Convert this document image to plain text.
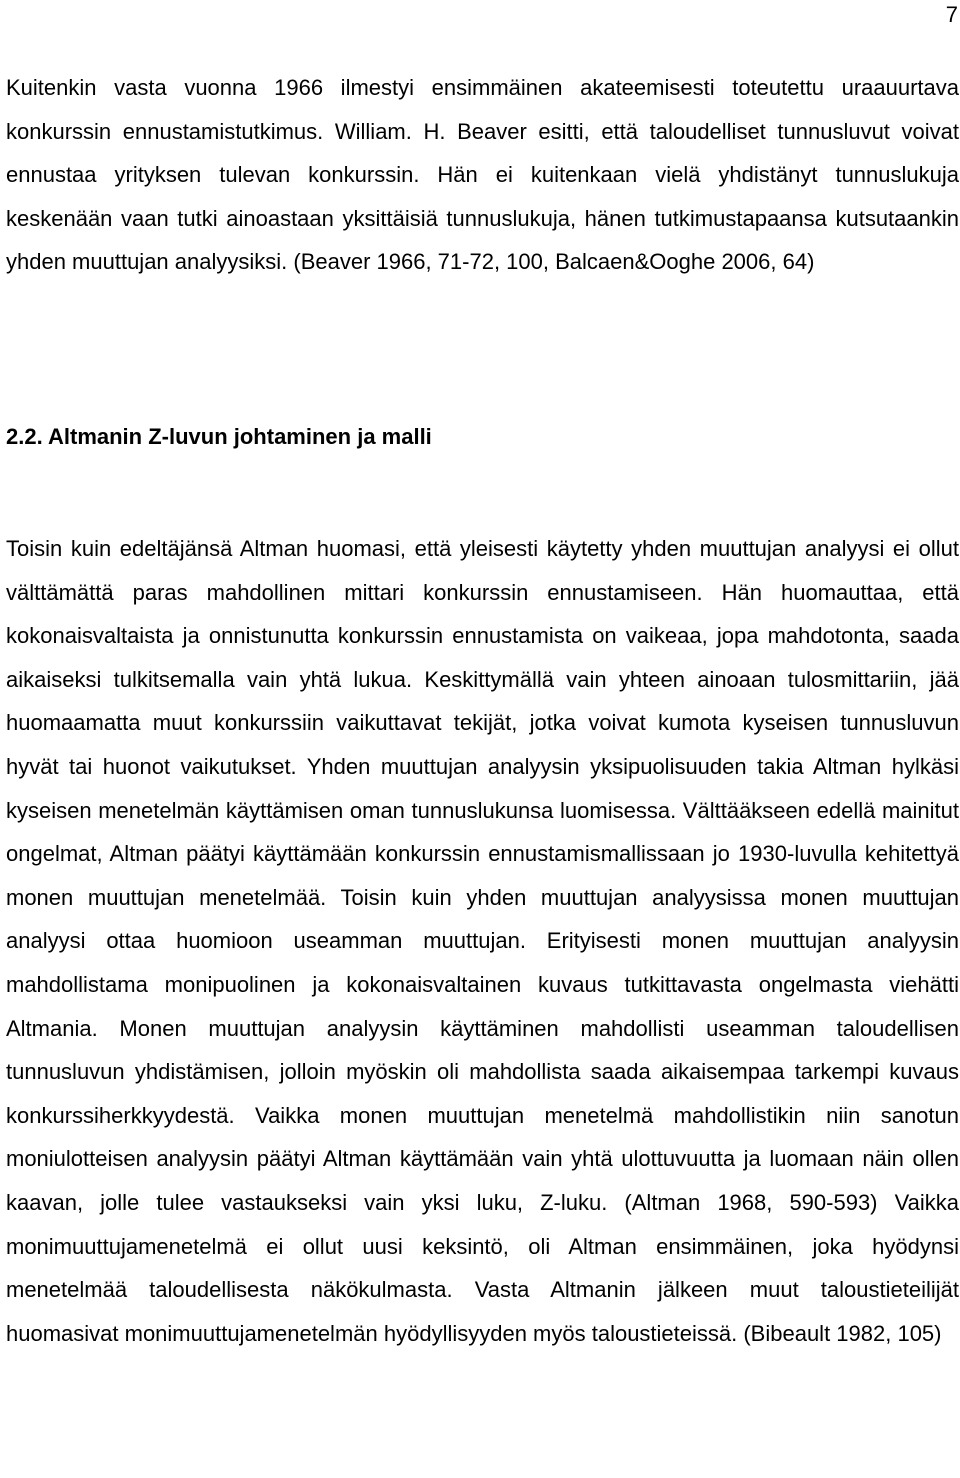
7

Kuitenkin vasta vuonna 1966 ilmestyi ensimmäinen akateemisesti toteutettu uraauurtava konkurssin ennustamistutkimus. William. H. Beaver esitti, että taloudelliset tunnusluvut voivat ennustaa yrityksen tulevan konkurssin. Hän ei kuitenkaan vielä yhdistänyt tunnuslukuja keskenään vaan tutki ainoastaan yksittäisiä tunnuslukuja, hänen tutkimustapaansa kutsutaankin yhden muuttujan analyysiksi. (Beaver 1966, 71-72, 100, Balcaen&Ooghe 2006, 64)

2.2. Altmanin Z-luvun johtaminen ja malli

Toisin kuin edeltäjänsä Altman huomasi, että yleisesti käytetty yhden muuttujan analyysi ei ollut välttämättä paras mahdollinen mittari konkurssin ennustamiseen. Hän huomauttaa, että kokonaisvaltaista ja onnistunutta konkurssin ennustamista on vaikeaa, jopa mahdotonta, saada aikaiseksi tulkitsemalla vain yhtä lukua. Keskittymällä vain yhteen ainoaan tulosmittariin, jää huomaamatta muut konkurssiin vaikuttavat tekijät, jotka voivat kumota kyseisen tunnusluvun hyvät tai huonot vaikutukset. Yhden muuttujan analyysin yksipuolisuuden takia Altman hylkäsi kyseisen menetelmän käyttämisen oman tunnuslukunsa luomisessa. Välttääkseen edellä mainitut ongelmat, Altman päätyi käyttämään konkurssin ennustamismallissaan jo 1930-luvulla kehitettyä monen muuttujan menetelmää. Toisin kuin yhden muuttujan analyysissa monen muuttujan analyysi ottaa huomioon useamman muuttujan. Erityisesti monen muuttujan analyysin mahdollistama monipuolinen ja kokonaisvaltainen kuvaus tutkittavasta ongelmasta viehätti Altmania. Monen muuttujan analyysin käyttäminen mahdollisti useamman taloudellisen tunnusluvun yhdistämisen, jolloin myöskin oli mahdollista saada aikaisempaa tarkempi kuvaus konkurssiherkkyydestä. Vaikka monen muuttujan menetelmä mahdollistikin niin sanotun moniulotteisen analyysin päätyi Altman käyttämään vain yhtä ulottuvuutta ja luomaan näin ollen kaavan, jolle tulee vastaukseksi vain yksi luku, Z-luku. (Altman 1968, 590-593) Vaikka monimuuttujamenetelmä ei ollut uusi keksintö, oli Altman ensimmäinen, joka hyödynsi menetelmää taloudellisesta näkökulmasta. Vasta Altmanin jälkeen muut taloustieteilijät huomasivat monimuuttujamenetelmän hyödyllisyyden myös taloustieteissä. (Bibeault 1982, 105)
